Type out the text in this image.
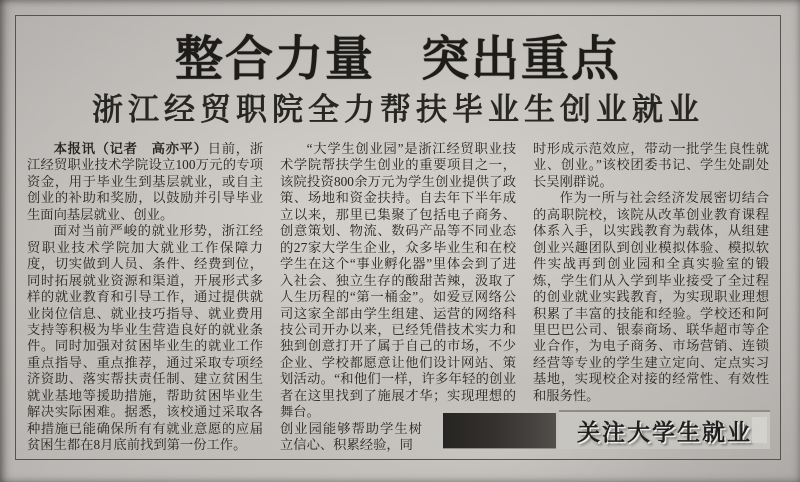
整合力量 突出重点
浙江经贸职院全力帮扶毕业生创业就业

本报讯（记者　高亦平）日前，浙江经贸职业技术学院设立100万元的专项资金，用于毕业生到基层就业，或自主创业的补助和奖励，以鼓励并引导毕业生面向基层就业、创业。

面对当前严峻的就业形势，浙江经贸职业技术学院加大就业工作保障力度，切实做到人员、条件、经费到位，同时拓展就业资源和渠道，开展形式多样的就业教育和引导工作，通过提供就业岗位信息、就业技巧指导、就业费用支持等积极为毕业生营造良好的就业条件。同时加强对贫困毕业生的就业工作重点指导、重点推荐，通过采取专项经济资助、落实帮扶责任制、建立贫困生就业基地等援助措施，帮助贫困毕业生解决实际困难。据悉，该校通过采取各种措施已能确保所有有就业意愿的应届贫困生都在8月底前找到第一份工作。

“大学生创业园”是浙江经贸职业技术学院帮扶学生创业的重要项目之一，该院投资800余万元为学生创业提供了政策、场地和资金扶持。自去年下半年成立以来，那里已集聚了包括电子商务、创意策划、物流、数码产品等不同业态的27家大学生企业，众多毕业生和在校学生在这个“事业孵化器”里体会到了进入社会、独立生存的酸甜苦辣，汲取了人生历程的“第一桶金”。如爱豆网络公司这家全部由学生组建、运营的网络科技公司开办以来，已经凭借技术实力和独到创意打开了属于自己的市场，不少企业、学校都愿意让他们设计网站、策划活动。“和他们一样，许多年轻的创业者在这里找到了施展才华；实现理想的舞台。

创业园能够帮助学生树立信心、积累经验，同

时形成示范效应，带动一批学生良性就业、创业。”该校团委书记、学生处副处长吴刚群说。

作为一所与社会经济发展密切结合的高职院校，该院从改革创业教育课程体系入手，以实践教育为载体，从组建创业兴趣团队到创业模拟体验、模拟软件实战再到创业园和全真实验室的锻炼，学生们从入学到毕业接受了全过程的创业就业实践教育，为实现职业理想积累了丰富的技能和经验。学校还和阿里巴巴公司、银泰商场、联华超市等企业合作，为电子商务、市场营销、连锁经营等专业的学生建立定向、定点实习基地，实现校企对接的经常性、有效性和服务性。

关注大学生就业
